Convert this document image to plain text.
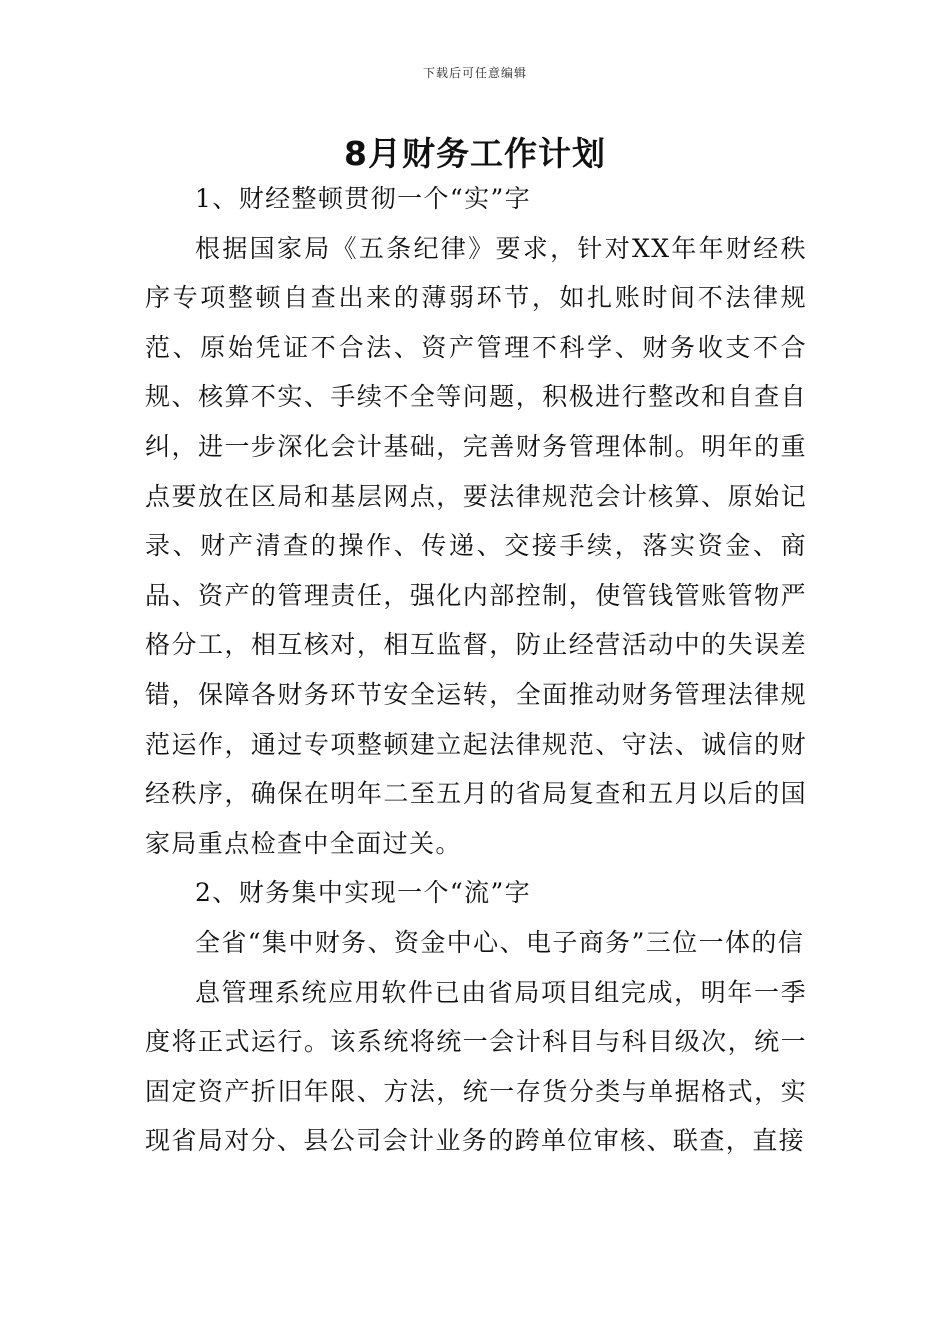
下载后可任意编辑
8月财务工作计划

1、财经整顿贯彻一个“实”字

根据国家局《五条纪律》要求，针对XX年年财经秩序专项整顿自查出来的薄弱环节，如扎账时间不法律规范、原始凭证不合法、资产管理不科学、财务收支不合规、核算不实、手续不全等问题，积极进行整改和自查自纠，进一步深化会计基础，完善财务管理体制。明年的重点要放在区局和基层网点，要法律规范会计核算、原始记录、财产清查的操作、传递、交接手续，落实资金、商品、资产的管理责任，强化内部控制，使管钱管账管物严格分工，相互核对，相互监督，防止经营活动中的失误差错，保障各财务环节安全运转，全面推动财务管理法律规范运作，通过专项整顿建立起法律规范、守法、诚信的财经秩序，确保在明年二至五月的省局复查和五月以后的国家局重点检查中全面过关。

2、财务集中实现一个“流”字

全省“集中财务、资金中心、电子商务”三位一体的信

息管理系统应用软件已由省局项目组完成，明年一季度将正式运行。该系统将统一会计科目与科目级次，统一固定资产折旧年限、方法，统一存货分类与单据格式，实现省局对分、县公司会计业务的跨单位审核、联查，直接
